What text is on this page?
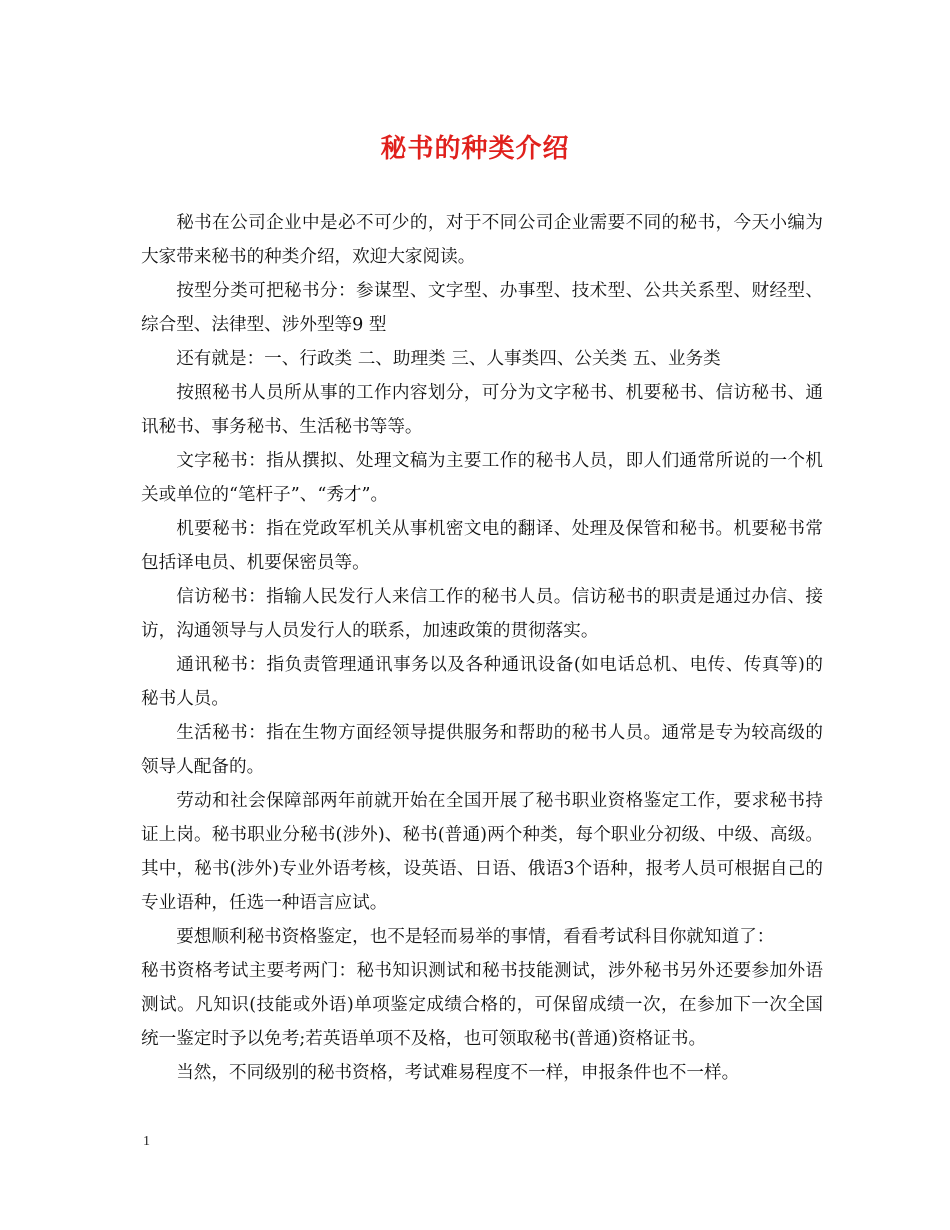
秘书的种类介绍

秘书在公司企业中是必不可少的，对于不同公司企业需要不同的秘书，今天小编为大家带来秘书的种类介绍，欢迎大家阅读。

按型分类可把秘书分：参谋型、文字型、办事型、技术型、公共关系型、财经型、综合型、法律型、涉外型等9 型

还有就是：一、行政类 二、助理类 三、人事类四、公关类 五、业务类

按照秘书人员所从事的工作内容划分，可分为文字秘书、机要秘书、信访秘书、通讯秘书、事务秘书、生活秘书等等。

文字秘书：指从撰拟、处理文稿为主要工作的秘书人员，即人们通常所说的一个机关或单位的“笔杆子”、“秀才”。

机要秘书：指在党政军机关从事机密文电的翻译、处理及保管和秘书。机要秘书常包括译电员、机要保密员等。

信访秘书：指输人民发行人来信工作的秘书人员。信访秘书的职责是通过办信、接访，沟通领导与人员发行人的联系，加速政策的贯彻落实。

通讯秘书：指负责管理通讯事务以及各种通讯设备(如电话总机、电传、传真等)的秘书人员。

生活秘书：指在生物方面经领导提供服务和帮助的秘书人员。通常是专为较高级的领导人配备的。

劳动和社会保障部两年前就开始在全国开展了秘书职业资格鉴定工作，要求秘书持证上岗。秘书职业分秘书(涉外)、秘书(普通)两个种类，每个职业分初级、中级、高级。其中，秘书(涉外)专业外语考核，设英语、日语、俄语3个语种，报考人员可根据自己的专业语种，任选一种语言应试。

要想顺利秘书资格鉴定，也不是轻而易举的事情，看看考试科目你就知道了：

秘书资格考试主要考两门：秘书知识测试和秘书技能测试，涉外秘书另外还要参加外语测试。凡知识(技能或外语)单项鉴定成绩合格的，可保留成绩一次，在参加下一次全国统一鉴定时予以免考;若英语单项不及格，也可领取秘书(普通)资格证书。

当然，不同级别的秘书资格，考试难易程度不一样，申报条件也不一样。

1
